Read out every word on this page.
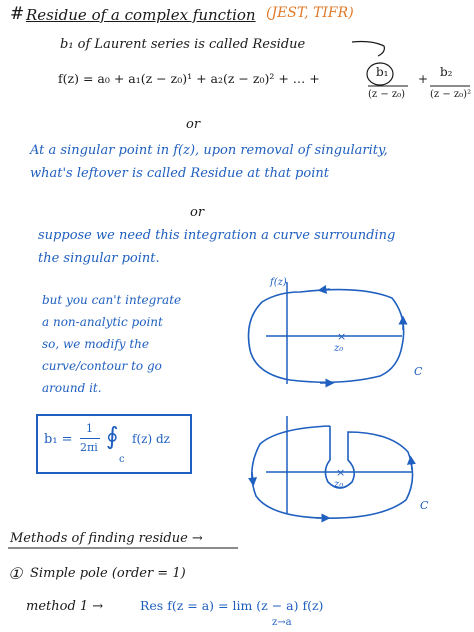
# Residue of a complex function (JEST, TIFR)
b₁ of Laurent series is called Residue
f(z) = a₀ + a₁(z − z₀)¹ + a₂(z − z₀)² + … +	b₁
(z − z₀)
+ b₂
(z − z₀)²
or
At a singular point in f(z), upon removal of singularity,
what's leftover is called Residue at that point
or
suppose we need this integration a curve surrounding
the singular point.
but you can't integrate
a non-analytic point
so, we modify the
curve/contour to go
around it.
b₁ =
1
2πi ∮ f(z) dz
c
×
×
f(z)
z₀
C
z₀
C
Methods of finding residue →
① Simple pole (order = 1)
method 1 →	Res f(z = a) = lim (z − a) f(z)
z→a
